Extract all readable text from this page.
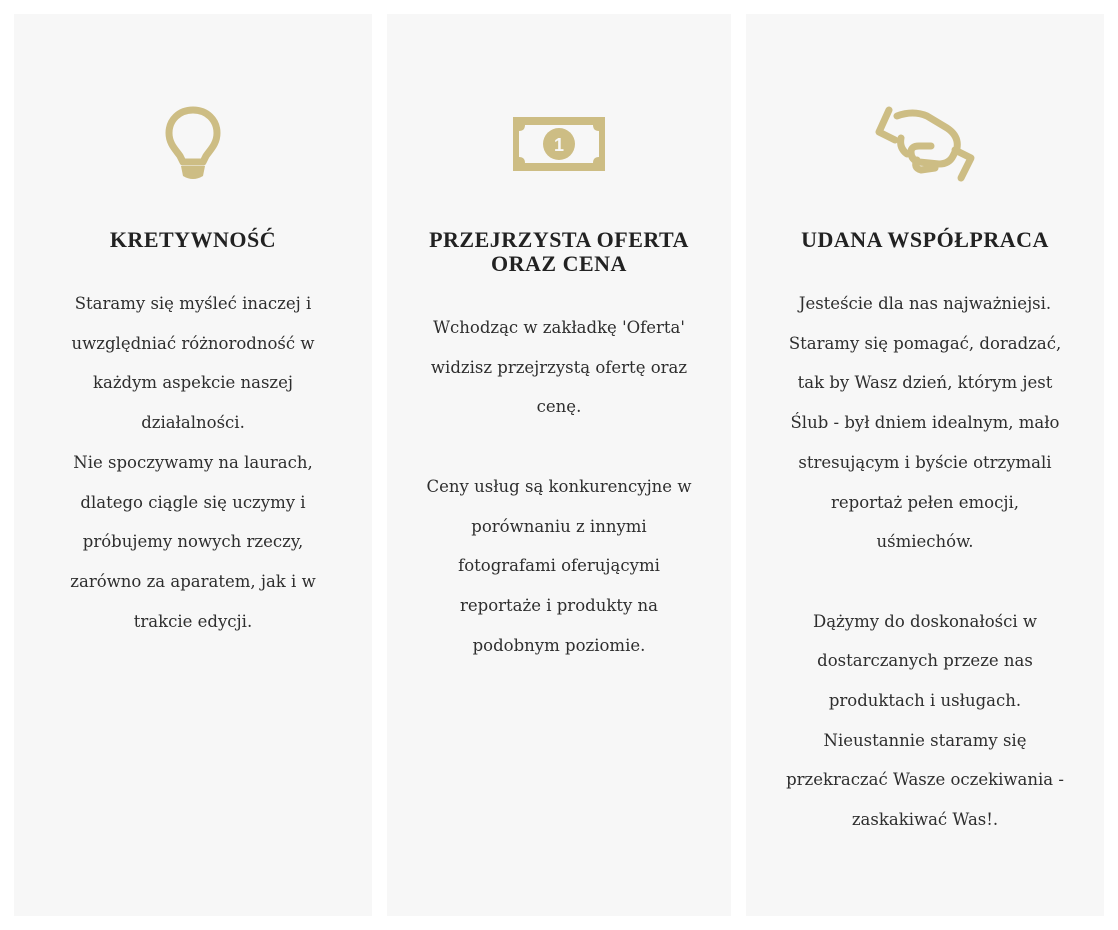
KRETYWNOŚĆ
Staramy się myśleć inaczej i
uwzględniać różnorodność w
każdym aspekcie naszej
działalności.
Nie spoczywamy na laurach,
dlatego ciągle się uczymy i
próbujemy nowych rzeczy,
zarówno za aparatem, jak i w
trakcie edycji.
1
PRZEJRZYSTA OFERTA
ORAZ CENA
Wchodząc w zakładkę 'Oferta'
widzisz przejrzystą ofertę oraz
cenę.

Ceny usług są konkurencyjne w
porównaniu z innymi
fotografami oferującymi
reportaże i produkty na
podobnym poziomie.
UDANA WSPÓŁPRACA
Jesteście dla nas najważniejsi.
Staramy się pomagać, doradzać,
tak by Wasz dzień, którym jest
Ślub - był dniem idealnym, mało
stresującym i byście otrzymali
reportaż pełen emocji,
uśmiechów.

Dążymy do doskonałości w
dostarczanych przeze nas
produktach i usługach.
Nieustannie staramy się
przekraczać Wasze oczekiwania -
zaskakiwać Was!.
